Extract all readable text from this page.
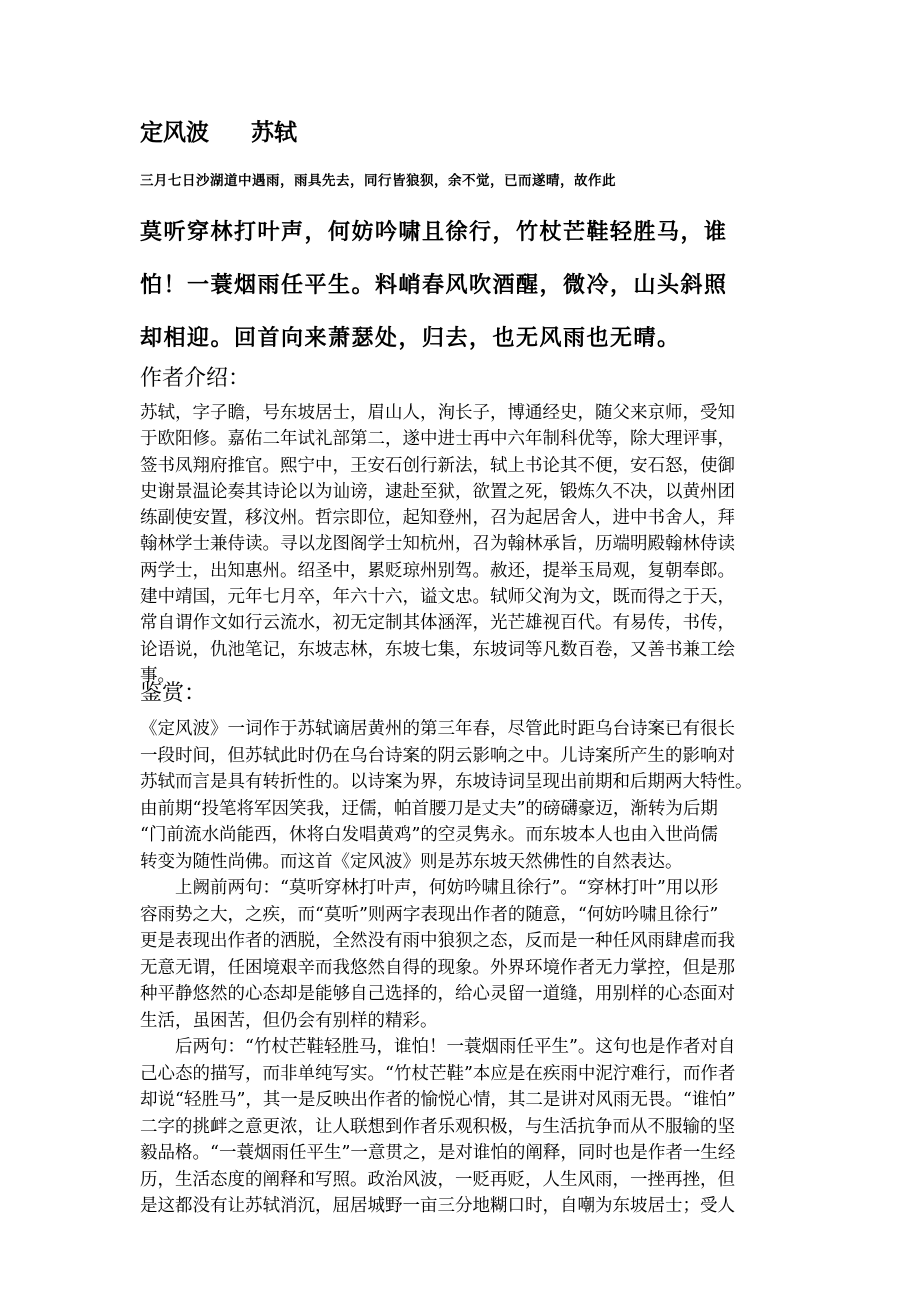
定风波 苏轼
三月七日沙湖道中遇雨，雨具先去，同行皆狼狈，余不觉，已而遂晴，故作此
莫听穿林打叶声，何妨吟啸且徐行，竹杖芒鞋轻胜马，谁
怕！一蓑烟雨任平生。料峭春风吹酒醒，微冷，山头斜照
却相迎。回首向来萧瑟处，归去，也无风雨也无晴。
作者介绍：
苏轼，字子瞻，号东坡居士，眉山人，洵长子，博通经史，随父来京师，受知
于欧阳修。嘉佑二年试礼部第二，遂中进士再中六年制科优等，除大理评事，
签书凤翔府推官。熙宁中，王安石创行新法，轼上书论其不便，安石怒，使御
史谢景温论奏其诗论以为讪谤，逮赴至狱，欲置之死，锻炼久不决，以黄州团
练副使安置，移汶州。哲宗即位，起知登州，召为起居舍人，进中书舍人，拜
翰林学士兼侍读。寻以龙图阁学士知杭州，召为翰林承旨，历端明殿翰林侍读
两学士，出知惠州。绍圣中，累贬琼州别驾。赦还，提举玉局观，复朝奉郎。
建中靖国，元年七月卒，年六十六，谥文忠。轼师父洵为文，既而得之于天，
常自谓作文如行云流水，初无定制其体涵浑，光芒雄视百代。有易传，书传，
论语说，仇池笔记，东坡志林，东坡七集，东坡词等凡数百卷，又善书兼工绘
事。
鉴赏：
《定风波》一词作于苏轼谪居黄州的第三年春，尽管此时距乌台诗案已有很长
一段时间，但苏轼此时仍在乌台诗案的阴云影响之中。儿诗案所产生的影响对
苏轼而言是具有转折性的。以诗案为界，东坡诗词呈现出前期和后期两大特性。
由前期“投笔将军因笑我，迂儒，帕首腰刀是丈夫”的磅礴豪迈，渐转为后期
“门前流水尚能西，休将白发唱黄鸡”的空灵隽永。而东坡本人也由入世尚儒
转变为随性尚佛。而这首《定风波》则是苏东坡天然佛性的自然表达。
上阙前两句：“莫听穿林打叶声，何妨吟啸且徐行”。“穿林打叶”用以形
容雨势之大，之疾，而“莫听”则两字表现出作者的随意，“何妨吟啸且徐行”
更是表现出作者的洒脱，全然没有雨中狼狈之态，反而是一种任风雨肆虐而我
无意无谓，任困境艰辛而我悠然自得的现象。外界环境作者无力掌控，但是那
种平静悠然的心态却是能够自己选择的，给心灵留一道缝，用别样的心态面对
生活，虽困苦，但仍会有别样的精彩。
后两句：“竹杖芒鞋轻胜马，谁怕！一蓑烟雨任平生”。这句也是作者对自
己心态的描写，而非单纯写实。“竹杖芒鞋”本应是在疾雨中泥泞难行，而作者
却说“轻胜马”，其一是反映出作者的愉悦心情，其二是讲对风雨无畏。“谁怕”
二字的挑衅之意更浓，让人联想到作者乐观积极，与生活抗争而从不服输的坚
毅品格。“一蓑烟雨任平生”一意贯之，是对谁怕的阐释，同时也是作者一生经
历，生活态度的阐释和写照。政治风波，一贬再贬，人生风雨，一挫再挫，但
是这都没有让苏轼消沉，屈居城野一亩三分地糊口时，自嘲为东坡居士；受人
